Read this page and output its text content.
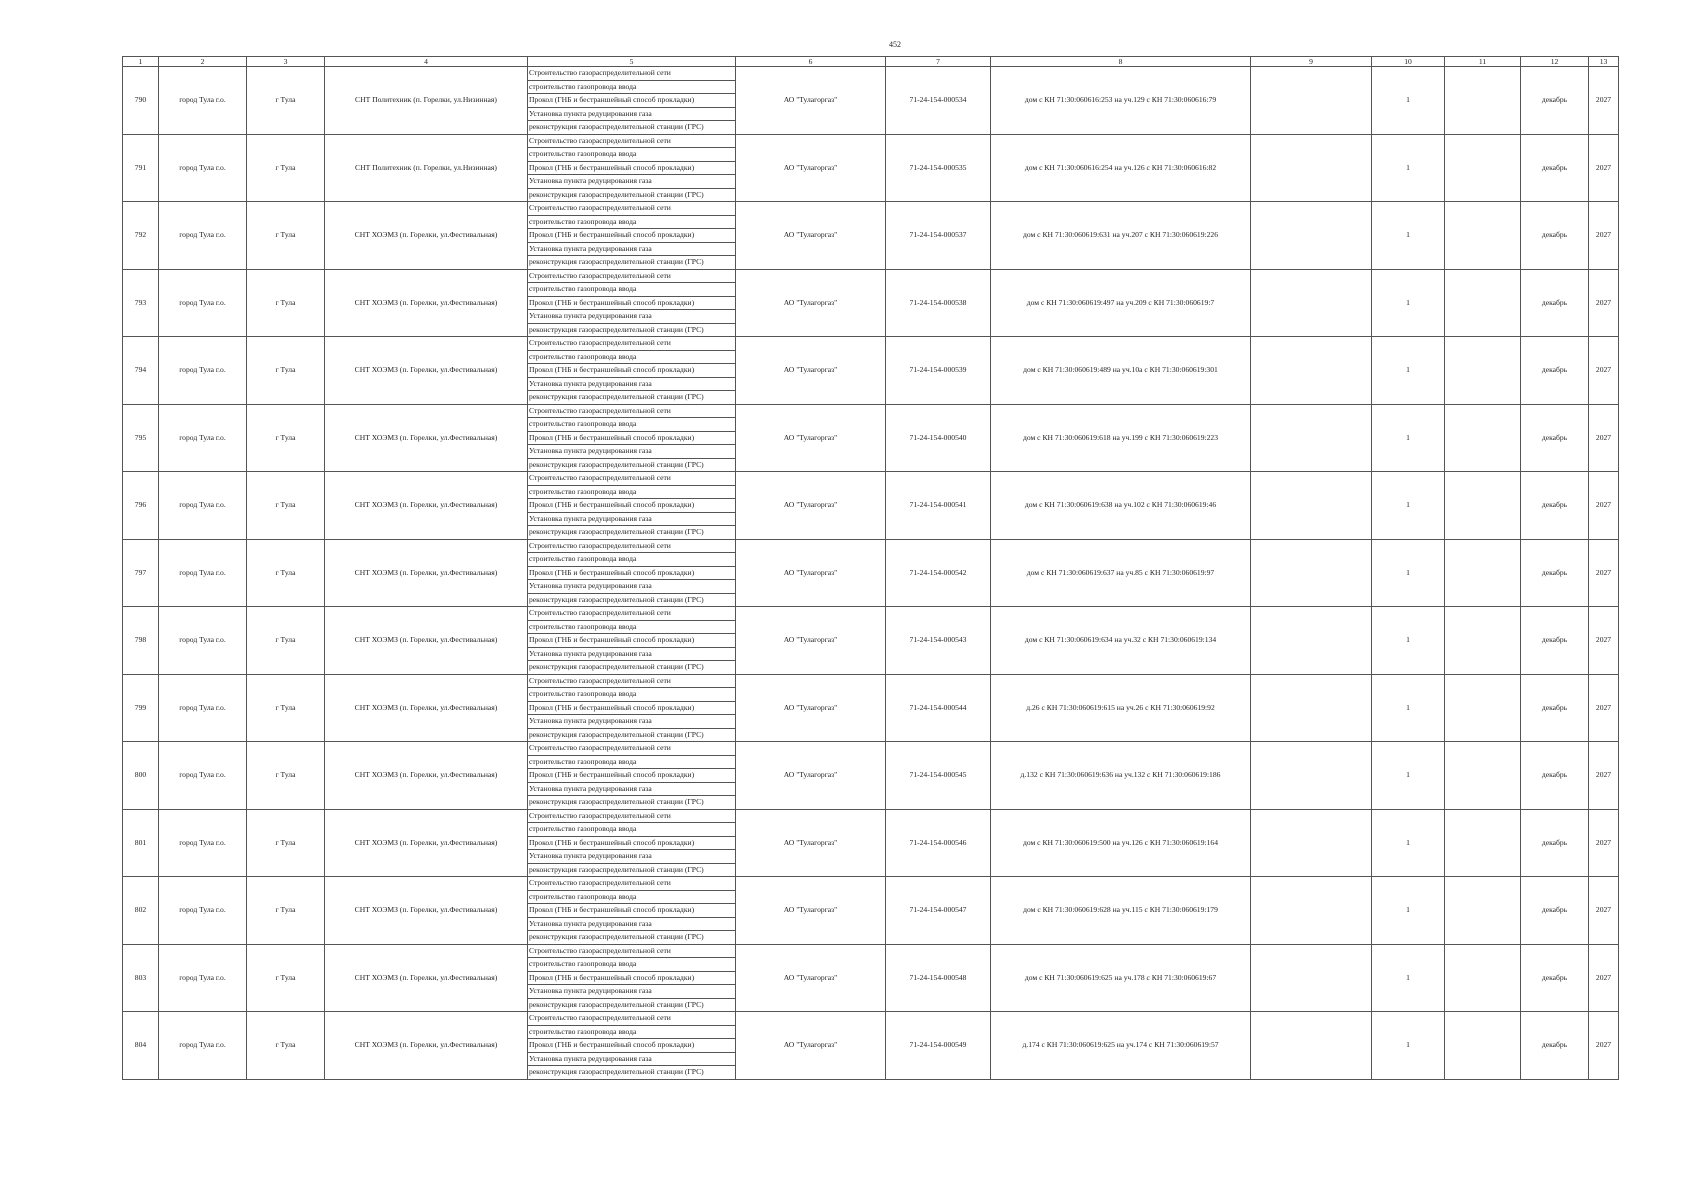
452
1	2	3	4	5	6	7	8	9	10	11	12	13
790	город Тула г.о.	г Тула	СНТ Политехник (п. Горелки, ул.Низинная)	Строительство газораспределительной сети
строительство газопровода ввода
Прокол (ГНБ и бестраншейный способ прокладки)
Установка пункта редуцирования газа
реконструкция газораспределительной станции (ГРС)	АО "Тулагоргаз"	71-24-154-000534	дом с КН 71:30:060616:253 на уч.129 с КН 71:30:060616:79		1		декабрь	2027
791	город Тула г.о.	г Тула	СНТ Политехник (п. Горелки, ул.Низинная)	Строительство газораспределительной сети
строительство газопровода ввода
Прокол (ГНБ и бестраншейный способ прокладки)
Установка пункта редуцирования газа
реконструкция газораспределительной станции (ГРС)	АО "Тулагоргаз"	71-24-154-000535	дом с КН 71:30:060616:254 на уч.126 с КН 71:30:060616:82		1		декабрь	2027
792	город Тула г.о.	г Тула	СНТ ХОЭМЗ (п. Горелки, ул.Фестивальная)	Строительство газораспределительной сети
строительство газопровода ввода
Прокол (ГНБ и бестраншейный способ прокладки)
Установка пункта редуцирования газа
реконструкция газораспределительной станции (ГРС)	АО "Тулагоргаз"	71-24-154-000537	дом с КН 71:30:060619:631 на уч.207 с КН 71:30:060619:226		1		декабрь	2027
793	город Тула г.о.	г Тула	СНТ ХОЭМЗ (п. Горелки, ул.Фестивальная)	Строительство газораспределительной сети
строительство газопровода ввода
Прокол (ГНБ и бестраншейный способ прокладки)
Установка пункта редуцирования газа
реконструкция газораспределительной станции (ГРС)	АО "Тулагоргаз"	71-24-154-000538	дом с КН 71:30:060619:497 на уч.209 с КН 71:30:060619:7		1		декабрь	2027
794	город Тула г.о.	г Тула	СНТ ХОЭМЗ (п. Горелки, ул.Фестивальная)	Строительство газораспределительной сети
строительство газопровода ввода
Прокол (ГНБ и бестраншейный способ прокладки)
Установка пункта редуцирования газа
реконструкция газораспределительной станции (ГРС)	АО "Тулагоргаз"	71-24-154-000539	дом с КН 71:30:060619:489 на уч.10а с КН 71:30:060619:301		1		декабрь	2027
795	город Тула г.о.	г Тула	СНТ ХОЭМЗ (п. Горелки, ул.Фестивальная)	Строительство газораспределительной сети
строительство газопровода ввода
Прокол (ГНБ и бестраншейный способ прокладки)
Установка пункта редуцирования газа
реконструкция газораспределительной станции (ГРС)	АО "Тулагоргаз"	71-24-154-000540	дом с КН 71:30:060619:618 на уч.199 с КН 71:30:060619:223		1		декабрь	2027
796	город Тула г.о.	г Тула	СНТ ХОЭМЗ (п. Горелки, ул.Фестивальная)	Строительство газораспределительной сети
строительство газопровода ввода
Прокол (ГНБ и бестраншейный способ прокладки)
Установка пункта редуцирования газа
реконструкция газораспределительной станции (ГРС)	АО "Тулагоргаз"	71-24-154-000541	дом с КН 71:30:060619:638 на уч.102 с КН 71:30:060619:46		1		декабрь	2027
797	город Тула г.о.	г Тула	СНТ ХОЭМЗ (п. Горелки, ул.Фестивальная)	Строительство газораспределительной сети
строительство газопровода ввода
Прокол (ГНБ и бестраншейный способ прокладки)
Установка пункта редуцирования газа
реконструкция газораспределительной станции (ГРС)	АО "Тулагоргаз"	71-24-154-000542	дом с КН 71:30:060619:637 на уч.85 с КН 71:30:060619:97		1		декабрь	2027
798	город Тула г.о.	г Тула	СНТ ХОЭМЗ (п. Горелки, ул.Фестивальная)	Строительство газораспределительной сети
строительство газопровода ввода
Прокол (ГНБ и бестраншейный способ прокладки)
Установка пункта редуцирования газа
реконструкция газораспределительной станции (ГРС)	АО "Тулагоргаз"	71-24-154-000543	дом с КН 71:30:060619:634 на уч.32 с КН 71:30:060619:134		1		декабрь	2027
799	город Тула г.о.	г Тула	СНТ ХОЭМЗ (п. Горелки, ул.Фестивальная)	Строительство газораспределительной сети
строительство газопровода ввода
Прокол (ГНБ и бестраншейный способ прокладки)
Установка пункта редуцирования газа
реконструкция газораспределительной станции (ГРС)	АО "Тулагоргаз"	71-24-154-000544	д.26 с КН 71:30:060619:615 на уч.26 с КН 71:30:060619:92		1		декабрь	2027
800	город Тула г.о.	г Тула	СНТ ХОЭМЗ (п. Горелки, ул.Фестивальная)	Строительство газораспределительной сети
строительство газопровода ввода
Прокол (ГНБ и бестраншейный способ прокладки)
Установка пункта редуцирования газа
реконструкция газораспределительной станции (ГРС)	АО "Тулагоргаз"	71-24-154-000545	д.132 с КН 71:30:060619:636 на уч.132 с КН 71:30:060619:186		1		декабрь	2027
801	город Тула г.о.	г Тула	СНТ ХОЭМЗ (п. Горелки, ул.Фестивальная)	Строительство газораспределительной сети
строительство газопровода ввода
Прокол (ГНБ и бестраншейный способ прокладки)
Установка пункта редуцирования газа
реконструкция газораспределительной станции (ГРС)	АО "Тулагоргаз"	71-24-154-000546	дом с КН 71:30:060619:500 на уч.126 с КН 71:30:060619:164		1		декабрь	2027
802	город Тула г.о.	г Тула	СНТ ХОЭМЗ (п. Горелки, ул.Фестивальная)	Строительство газораспределительной сети
строительство газопровода ввода
Прокол (ГНБ и бестраншейный способ прокладки)
Установка пункта редуцирования газа
реконструкция газораспределительной станции (ГРС)	АО "Тулагоргаз"	71-24-154-000547	дом с КН 71:30:060619:628 на уч.115 с КН 71:30:060619:179		1		декабрь	2027
803	город Тула г.о.	г Тула	СНТ ХОЭМЗ (п. Горелки, ул.Фестивальная)	Строительство газораспределительной сети
строительство газопровода ввода
Прокол (ГНБ и бестраншейный способ прокладки)
Установка пункта редуцирования газа
реконструкция газораспределительной станции (ГРС)	АО "Тулагоргаз"	71-24-154-000548	дом с КН 71:30:060619:625 на уч.178 с КН 71:30:060619:67		1		декабрь	2027
804	город Тула г.о.	г Тула	СНТ ХОЭМЗ (п. Горелки, ул.Фестивальная)	Строительство газораспределительной сети
строительство газопровода ввода
Прокол (ГНБ и бестраншейный способ прокладки)
Установка пункта редуцирования газа
реконструкция газораспределительной станции (ГРС)	АО "Тулагоргаз"	71-24-154-000549	д.174 с КН 71:30:060619:625 на уч.174 с КН 71:30:060619:57		1		декабрь	2027
